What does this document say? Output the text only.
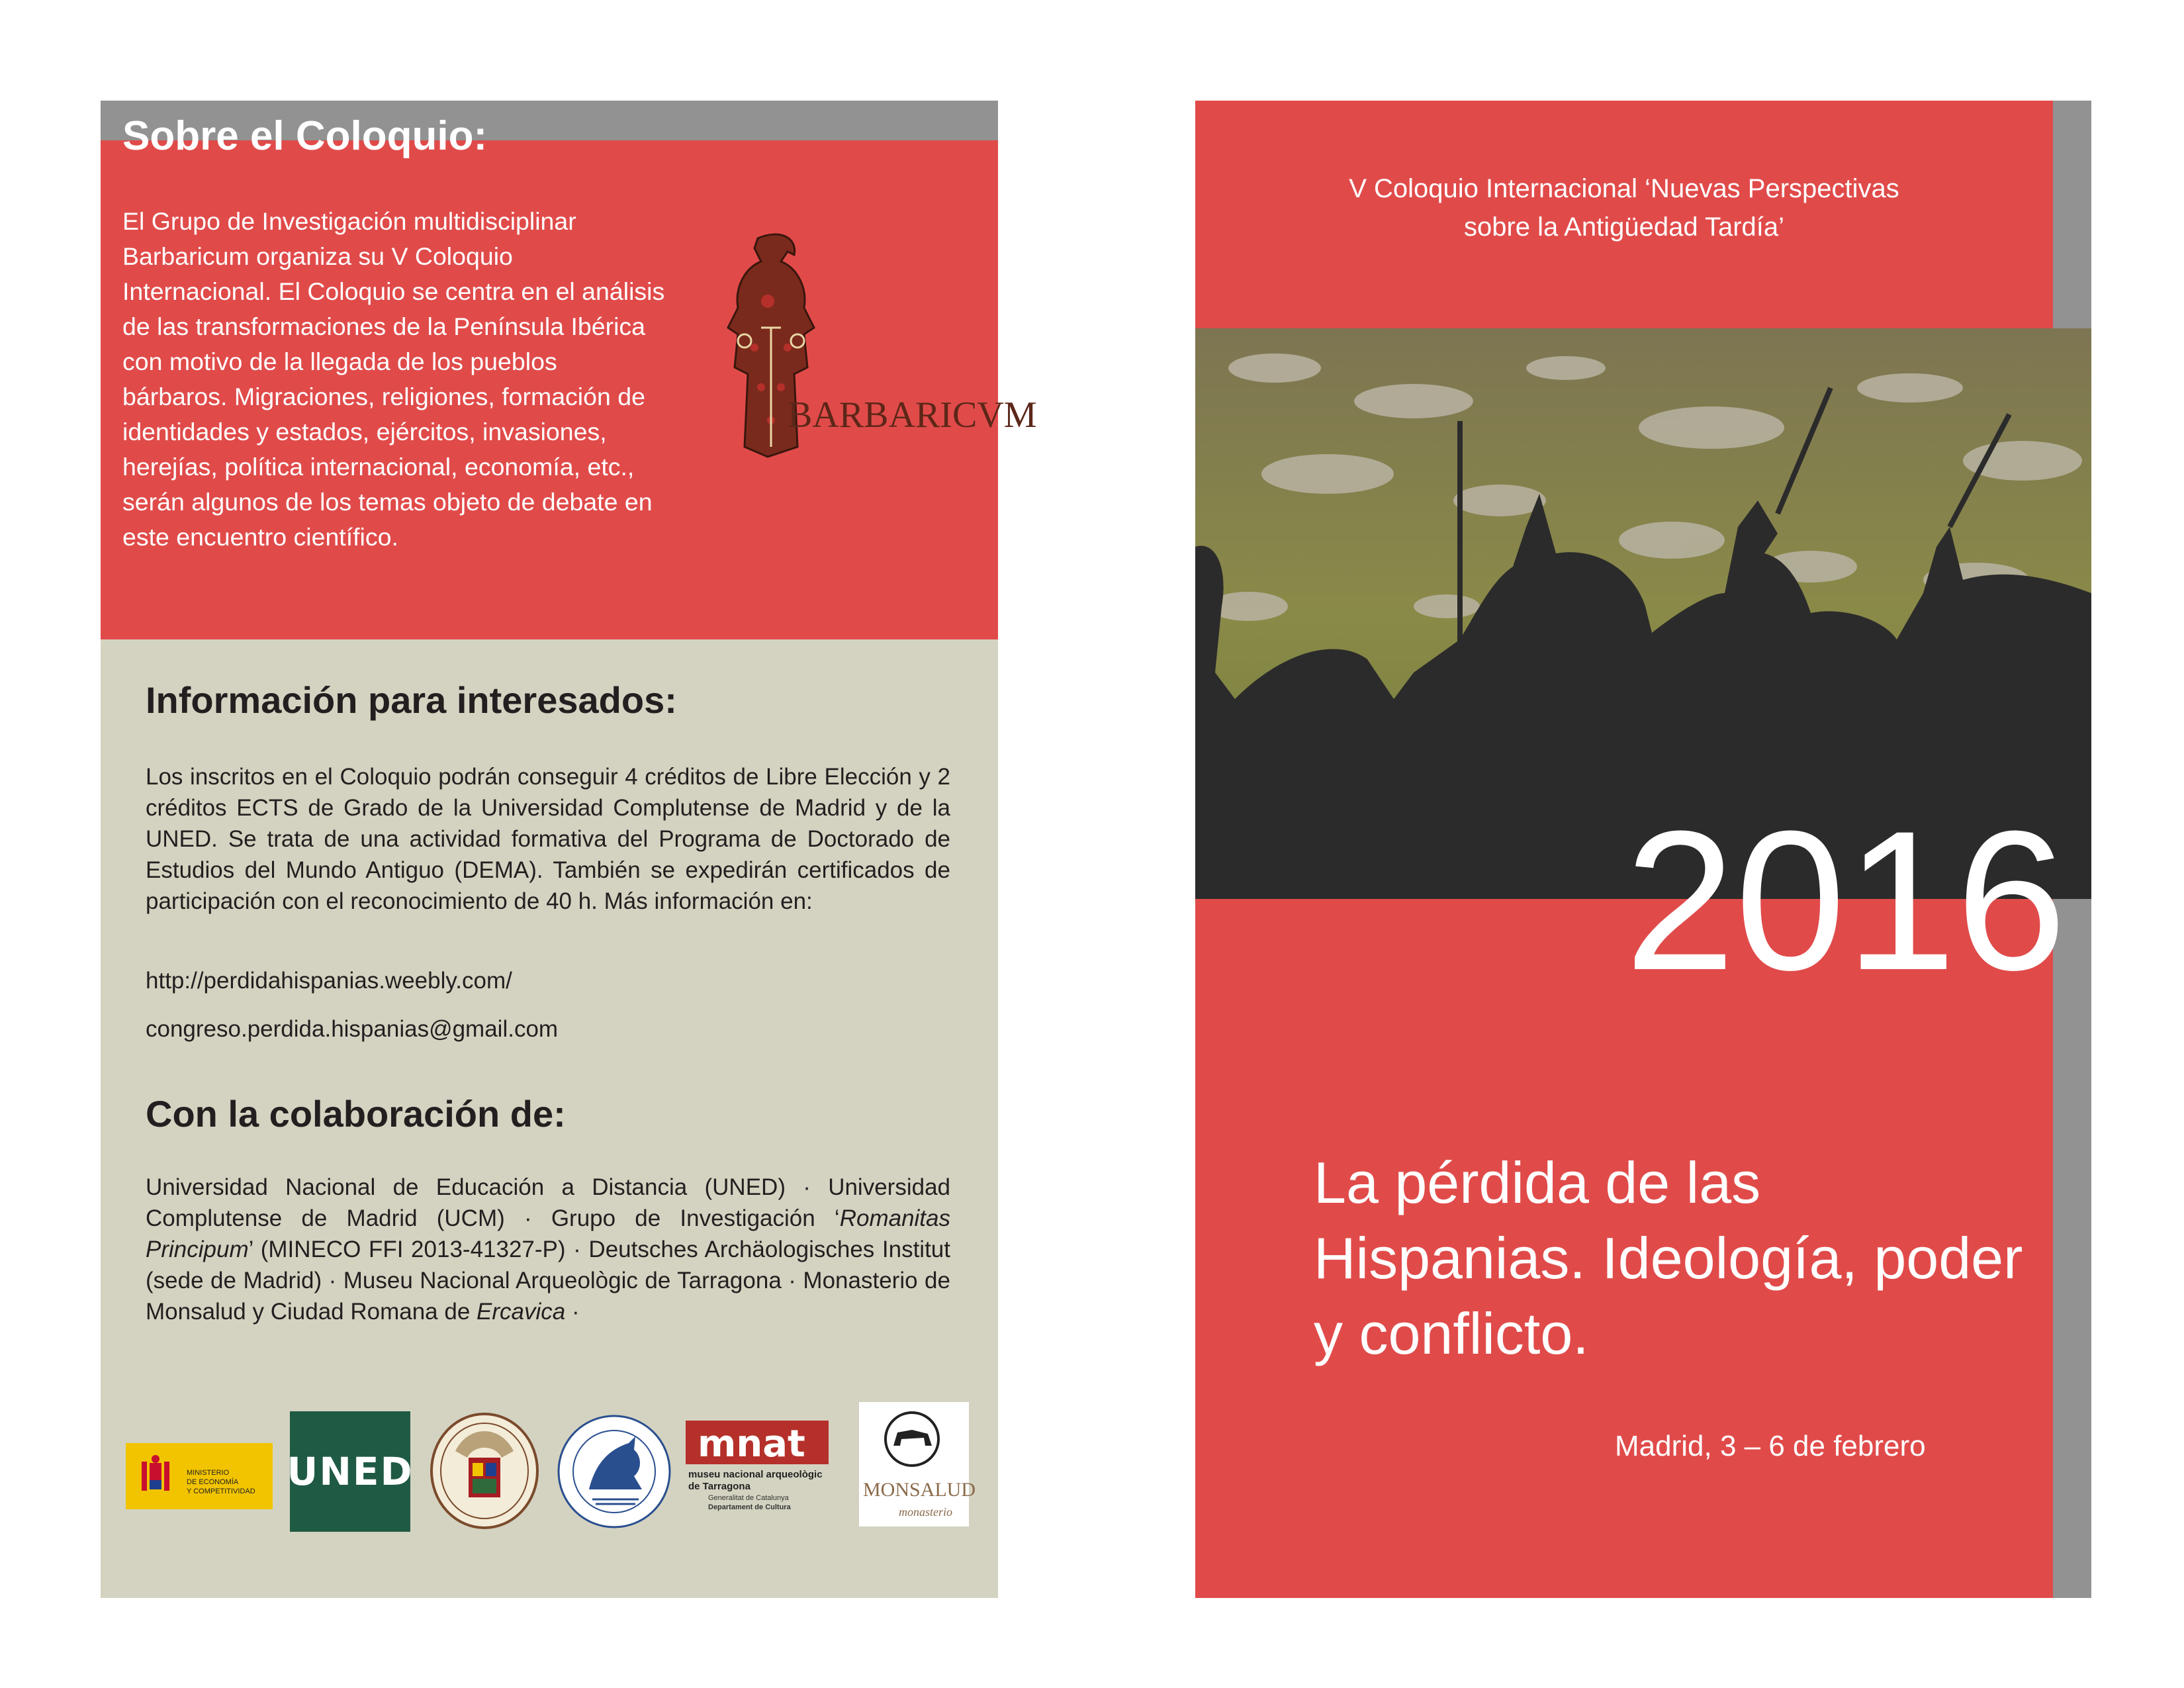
Sobre el Coloquio:
El Grupo de Investigación multidisciplinar Barbaricum organiza su V Coloquio Internacional. El Coloquio se centra en el análisis de las transformaciones de la Península Ibérica con motivo de la llegada de los pueblos bárbaros. Migraciones, religiones, formación de identidades y estados, ejércitos, invasiones, herejías, política internacional, economía, etc., serán algunos de los temas objeto de debate en este encuentro científico.
BARBARICVM
Información para interesados:
Los inscritos en el Coloquio podrán conseguir 4 créditos de Libre Elección y 2 créditos ECTS de Grado de la Universidad Complutense de Madrid y de la UNED. Se trata de una actividad formativa del Programa de Doctorado de Estudios del Mundo Antiguo (DEMA). También se expedirán certificados de participación con el reconocimiento de 40 h. Más información en:
http://perdidahispanias.weebly.com/
congreso.perdida.hispanias@gmail.com
Con la colaboración de:
Universidad Nacional de Educación a Distancia (UNED) · Universidad Complutense de Madrid (UCM) · Grupo de Investigación ‘Romanitas Principum’ (MINECO FFI 2013-41327-P) · Deutsches Archäologisches Institut (sede de Madrid) · Museu Nacional Arqueològic de Tarragona · Monasterio de Monsalud y Ciudad Romana de Ercavica ·
MINISTERIO
DE ECONOMÍA
Y COMPETITIVIDAD UNED
mnat
museu nacional arqueològic
de Tarragona
Generalitat de Catalunya
Departament de Cultura
MONSALUD
monasterio
V Coloquio Internacional ‘Nuevas Perspectivas
sobre la Antigüedad Tardía’
2016
La pérdida de las Hispanias. Ideología, poder y conflicto.
Madrid, 3 – 6 de febrero
